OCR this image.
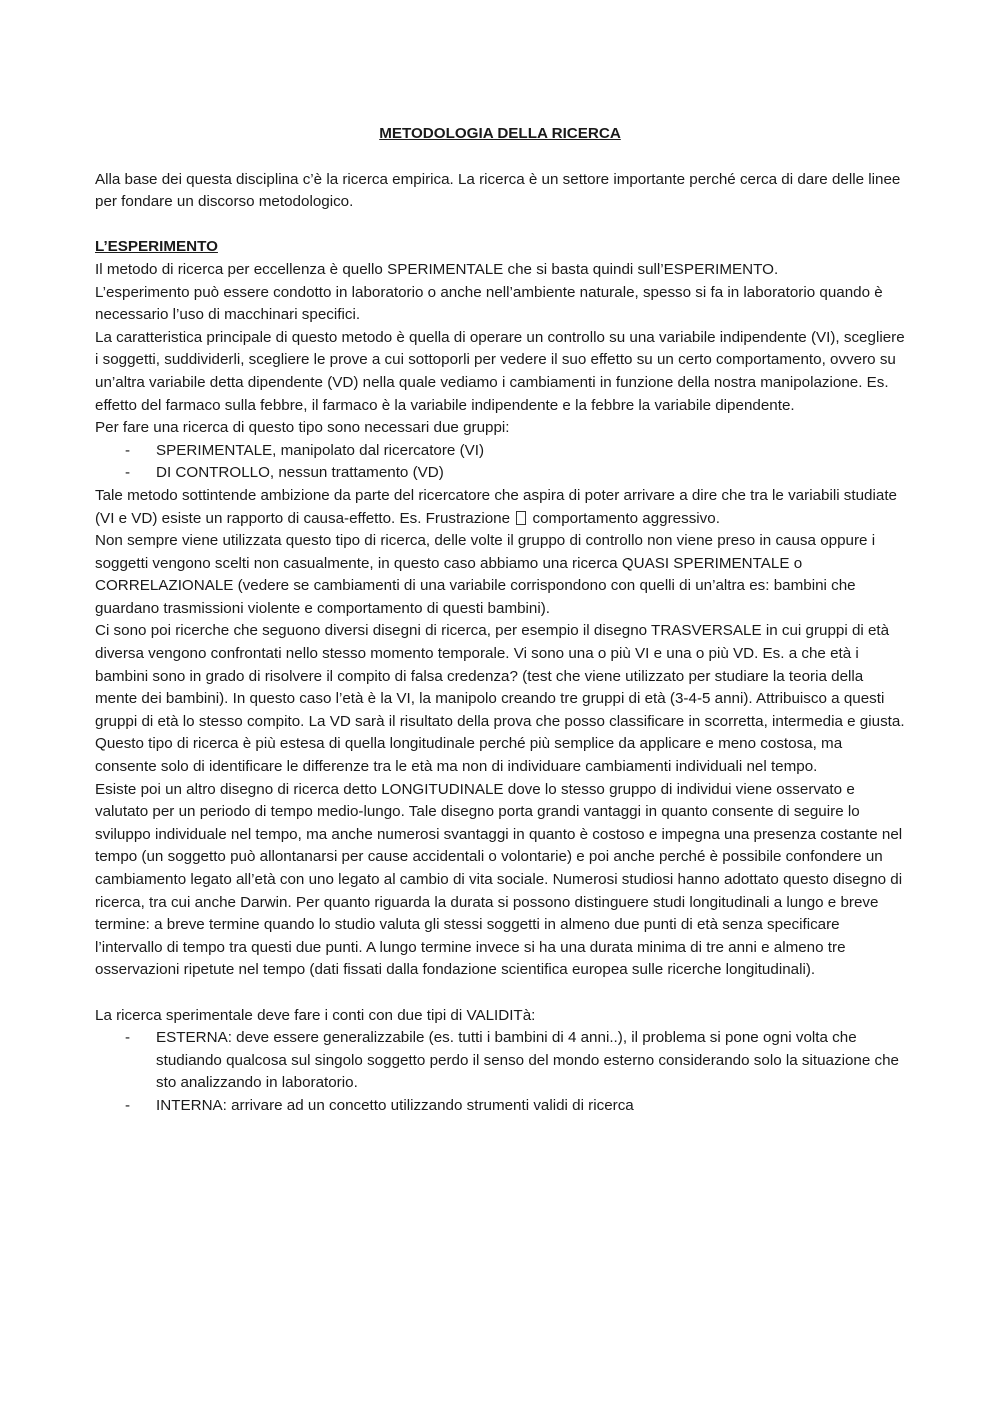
METODOLOGIA DELLA RICERCA

Alla base dei questa disciplina c’è la ricerca empirica. La ricerca è un settore importante perché cerca di dare delle linee per fondare un discorso metodologico.

L’ESPERIMENTO

Il metodo di ricerca per eccellenza è quello SPERIMENTALE che si basta quindi sull’ESPERIMENTO.

L’esperimento può essere condotto in laboratorio o anche nell’ambiente naturale, spesso si fa in laboratorio quando è necessario l’uso di macchinari specifici.

La caratteristica principale di questo metodo è quella di operare un controllo su una variabile indipendente (VI), scegliere i soggetti, suddividerli, scegliere le prove a cui sottoporli per vedere il suo effetto su un certo comportamento, ovvero su un’altra variabile detta dipendente (VD) nella quale vediamo i cambiamenti in funzione della nostra manipolazione. Es. effetto del farmaco sulla febbre, il farmaco è la variabile indipendente e la febbre la variabile dipendente.

Per fare una ricerca di questo tipo sono necessari due gruppi:

- SPERIMENTALE, manipolato dal ricercatore (VI)
- DI CONTROLLO, nessun trattamento (VD)

Tale metodo sottintende ambizione da parte del ricercatore che aspira di poter arrivare a dire che tra le variabili studiate (VI e VD) esiste un rapporto di causa-effetto. Es. Frustrazione comportamento aggressivo.

Non sempre viene utilizzata questo tipo di ricerca, delle volte il gruppo di controllo non viene preso in causa oppure i soggetti vengono scelti non casualmente, in questo caso abbiamo una ricerca QUASI SPERIMENTALE o CORRELAZIONALE (vedere se cambiamenti di una variabile corrispondono con quelli di un’altra es: bambini che guardano trasmissioni violente e comportamento di questi bambini).

Ci sono poi ricerche che seguono diversi disegni di ricerca, per esempio il disegno TRASVERSALE in cui gruppi di età diversa vengono confrontati nello stesso momento temporale. Vi sono una o più VI e una o più VD. Es. a che età i bambini sono in grado di risolvere il compito di falsa credenza? (test che viene utilizzato per studiare la teoria della mente dei bambini). In questo caso l’età è la VI, la manipolo creando tre gruppi di età (3-4-5 anni). Attribuisco a questi gruppi di età lo stesso compito. La VD sarà il risultato della prova che posso classificare in scorretta, intermedia e giusta.

Questo tipo di ricerca è più estesa di quella longitudinale perché più semplice da applicare e meno costosa, ma consente solo di identificare le differenze tra le età ma non di individuare cambiamenti individuali nel tempo.

Esiste poi un altro disegno di ricerca detto LONGITUDINALE dove lo stesso gruppo di individui viene osservato e valutato per un periodo di tempo medio-lungo. Tale disegno porta grandi vantaggi in quanto consente di seguire lo sviluppo individuale nel tempo, ma anche numerosi svantaggi in quanto è costoso e impegna una presenza costante nel tempo (un soggetto può allontanarsi per cause accidentali o volontarie) e poi anche perché è possibile confondere un cambiamento legato all’età con uno legato al cambio di vita sociale. Numerosi studiosi hanno adottato questo disegno di ricerca, tra cui anche Darwin. Per quanto riguarda la durata si possono distinguere studi longitudinali a lungo e breve termine: a breve termine quando lo studio valuta gli stessi soggetti in almeno due punti di età senza specificare l’intervallo di tempo tra questi due punti. A lungo termine invece si ha una durata minima di tre anni e almeno tre osservazioni ripetute nel tempo (dati fissati dalla fondazione scientifica europea sulle ricerche longitudinali).

La ricerca sperimentale deve fare i conti con due tipi di VALIDITà:

- ESTERNA: deve essere generalizzabile (es. tutti i bambini di 4 anni..), il problema si pone ogni volta che studiando qualcosa sul singolo soggetto perdo il senso del mondo esterno considerando solo la situazione che sto analizzando in laboratorio.
- INTERNA: arrivare ad un concetto utilizzando strumenti validi di ricerca
